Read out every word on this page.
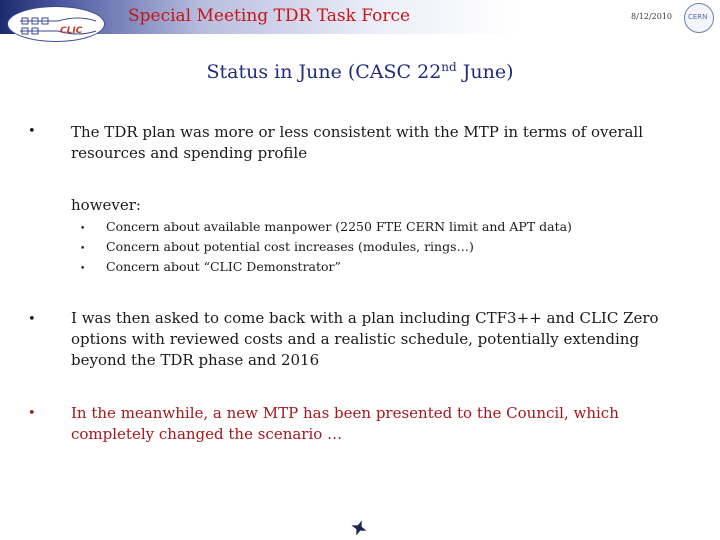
CLIC
Special Meeting TDR Task Force	8/12/2010 CERN
Status in June (CASC 22nd June)
• The TDR plan was more or less consistent with the MTP in terms of overall resources and spending profile
however:
• Concern about available manpower (2250 FTE CERN limit and APT data)
• Concern about potential cost increases (modules, rings…)
• Concern about “CLIC Demonstrator”
• I was then asked to come back with a plan including CTF3++ and CLIC Zero options with reviewed costs and a realistic schedule, potentially extending beyond the TDR phase and 2016
• In the meanwhile, a new MTP has been presented to the Council, which completely changed the scenario …
